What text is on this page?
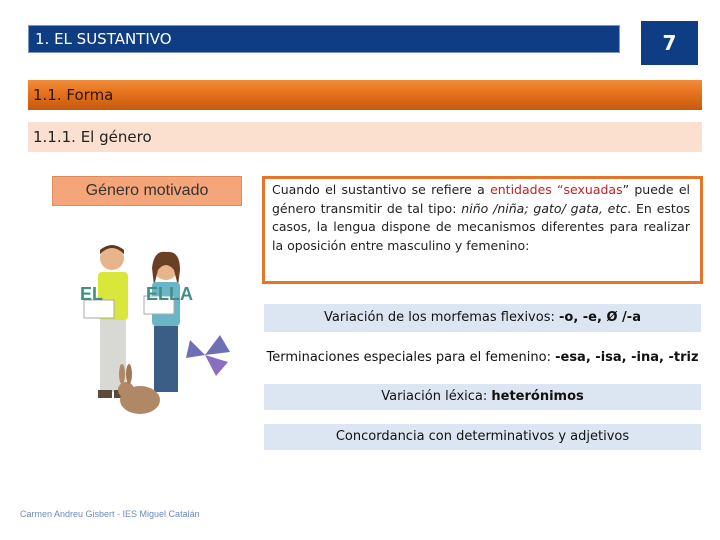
1. EL SUSTANTIVO	7
1.1. Forma
1.1.1. El género
Género motivado
EL ELLA
Cuando el sustantivo se refiere a entidades “sexuadas” puede el género transmitir de tal tipo: niño /niña; gato/ gata, etc. En estos casos, la lengua dispone de mecanismos diferentes para realizar la oposición entre masculino y femenino:
Variación de los morfemas flexivos: -o, -e, Ø /-a
Terminaciones especiales para el femenino: -esa, -isa, -ina, -triz
Variación léxica: heterónimos
Concordancia con determinativos y adjetivos
Carmen Andreu Gisbert - IES Miguel Catalán
